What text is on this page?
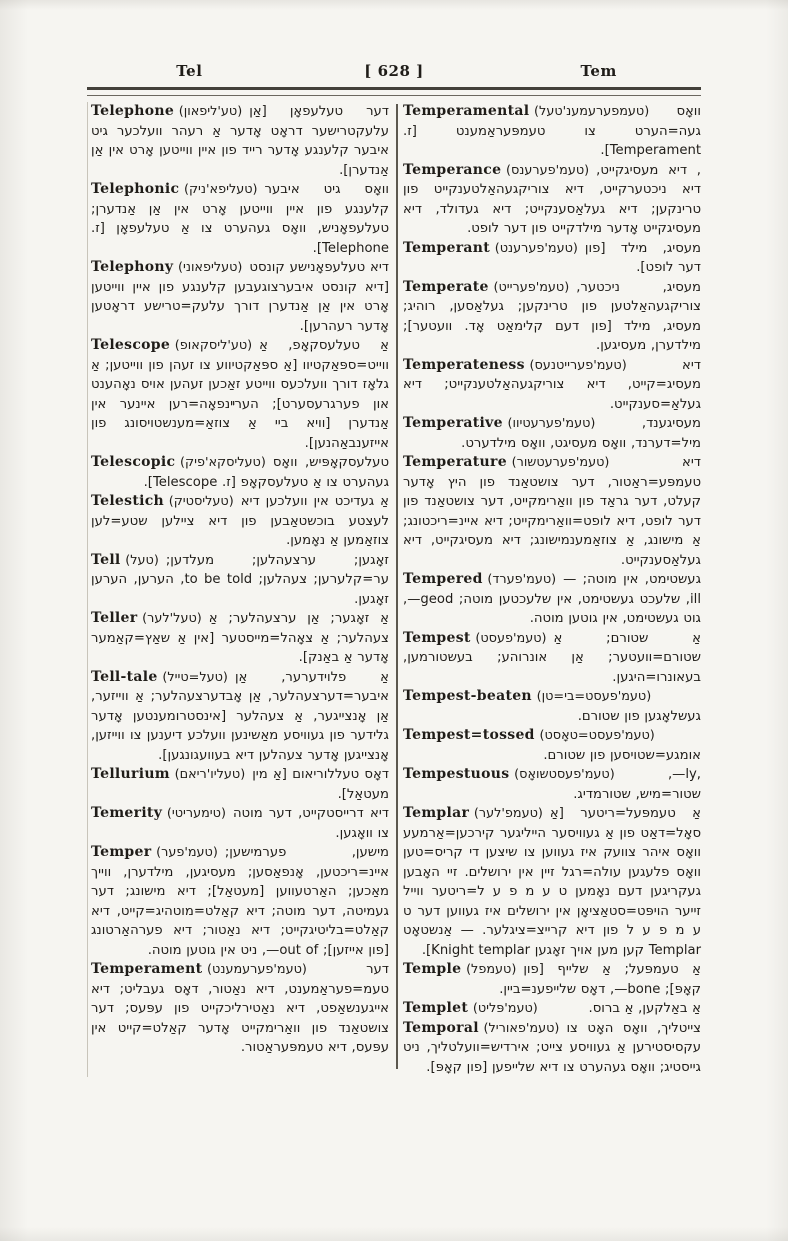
Tel	[ 628 ]	Tem

Telephone (טע'ליפאון) דער טעלעפאָן [אַן עלעקטרישער דראָט אָדער אַ רעהר וועלכער גיט איבער קלענגע אָדער רייד פון איין ווייטען אָרט אין אַן אַנדערן].

Telephonic (טעליפא'ניק) וואָס גיט איבער קלענגע פון איין ווייטען אָרט אין אַן אַנדערן; טעלעפאָניש, וואָס געהערט צו אַ טעלעפאָן [ז. Telephone].

Telephony (טעליפאוני) דיא טעלעפאָנישע קונסט [דיא קונסט איבערצוגעבען קלענגע פון איין ווייטען אָרט אין אַן אַנדערן דורך עלעק=טרישע דראָטען אָדער רעהרען].

Telescope (טע'ליסקאופ) אַ טעלעסקאָפ, אַ ווייט=ספּאַקטיוו [אַ ספּאַקטיווע צו זעהן פון ווייטען; אַ גלאָז דורך וועלכעס ווייטע זאַכען זעהען אויס נאָהענט און פערגרעסערט]; הערײנפאָה=רען איינער אין אַנדערן [וויא ביי אַ צוזאַ=מענשטויסונג פון אייזענבאַהנען].

Telescopic (טעליסקא'פיק) טעלעסקאָפּיש, וואָס געהערט צו אַ טעלעסקאָפ [ז. Telescope].

Telestich (טעליסטיק) אַ געדיכט אין וועלכען דיא לעצטע בוכשטאַבען פון דיא ציילען שטע=לען צוזאַמען אַ נאָמען.

Tell (טעל) זאָגען; ערצעהלען; מעלדען; ער=קלערען; צעהלען; to be told, הערען, הערען זאָגען.

Teller (טעל'לער) אַ זאָגער; אַן ערצעהלער; אַ צעהלער; אַ צאָהל=מייסטער [אין אַ שאַץ=קאַמער אָדער אַ באַנק].

Tell-tale (טעל=טייל) אַ פלוידערער, אַן איבער=דערצעהלער, אַן אָבדערצעהלער; אַ ווייזער, אַן אָנצייגער, אַ צעהלער [אינסטרומענטען אָדער גלידער פון געוויסע מאַשינען וועלכע דיענען צו ווייזען, אָנצייגען אָדער צעהלען דיא בעוועגונגען].

Tellurium (טעליו'ריאם) דאָס טעללוריאום [אַ מין מעטאַל].

Temerity (טימעריטי) דיא דרייסטקייט, דער מוטה צו וואָגען.

Temper (טעמ'פער) מישען, פערמישען; איינ=ריכטען, אָנפאַסען; מעסיגען, מילדערן, ווייך מאַכען; האַרטעווען [מעטאַל]; דיא מישונג; דער געמיטה, דער מוטה; דיא קאַלט=מוטהיג=קייט, דיא קאַלט=בליטיגקייט; דיא נאַטור; דיא פערהאַרטונג [פון אייזען]; ‎—out of, ניט אין גוטען מוטה.

Temperament (טעמ'פערעמענט)	דער טעמ=פעראַמענט, דיא נאַטור, דאָס געבליט; דיא אייגענשאַפט, דיא נאַטירליכקייט פון עפּעס; דער צושטאַנד פון וואַרימקייט אָדער קאַלט=קייט אין עפּעס, דיא טעמפּעראַטור.

Temperamental (טעמפערעמענ'טעל) וואָס געה=הערט צו טעמפּעראַמענט [ז. Temperament].

Temperance (טעמ'פערענס) , דיא מעסיגקייט, דיא ניכטערקייט, דיא צוריקגעהאַלטענקייט פון טרינקען; דיא געלאַסענקייט; דיא געדולד, דיא מעסיגקייט אָדער מילדקייט פון דער לופט.

Temperant (טעמ'פערענט) מעסיג, מילד [פון דער לופט].

Temperate (טעמ'פערייט) מעסיג, ניכטער, צוריקגעהאַלטען פון טרינקען; געלאַסען, רוהיג; מעסיג, מילד [פון דעם קלימאַט אָד. וועטער]; מילדערן, מעסיגען.

Temperateness (טעמ'פערייטנעס)	דיא מעסיג=קייט, דיא צוריקגעהאַלטענקייט; דיא געלאַ=סענקייט.

Temperative (טעמ'פערעטיוו)	מעסיגענד, מיל=דערנד, וואָס מעסיגט, וואָס מילדערט.

Temperature (טעמ'פערעטשור)	דיא טעמפּע=ראַטור, דער צושטאַנד פון היץ אָדער קעלט, דער גראַד פון וואַרימקייט, דער צושטאַנד פון דער לופט, דיא לופט=וואַרימקייט; דיא איינ=ריכטונג; אַ מישונג, אַ צוזאַמענמישונג; דיא מעסיגקייט, דיא געלאַסענקייט.

Tempered (טעמ'פערד) געשטימט, אין מוטה; ‎—ill, שלעכט געשטימט, אין שלעכטען מוטה; ‎—geod, גוט געשטימט, אין גוטען מוטה.

Tempest (טעמ'פעסט) אַ שטורם; אַ שטורם=וועטער; אַן אונרוהע; בעשטורמען, בעאונרו=היגען.

Tempest-beaten (טעמ'פעסט=בי=טן)
געשלאָגען פון שטורם.

Tempest=tossed (טעמ'פעסט=טאָסט)
אומגע=שטויסען פון שטורם.

Tempestuous (טעמ'פעסטשואָס)	,‎—ly, שטור=מיש, שטורמדיג.

Templar (טעמפ'לער) אַ טעמפּעל=ריטער [אַ סאָל=דאַט פון אַ געוויסער הייליגער קירכען=אַרמעע וואָס איהר צוועק איז געווען צו שיצען די קריס=טען וואָס פלעגען עולה=רגל זיין אין ירושלים. זיי האָבען געקריגען דעם נאָמען ט ע מ פ ע ל=ריטער ווייל זייער הויפּט=סטאַציאָן אין ירושלים איז געווען דער ט ע מ פ ע ל פון דיא קרייצ=ציגלער. — אַנשטאָט Templar קען מען אויך זאָגען Knight templar].

Temple (טעמפל) אַ טעמפּעל; אַ שלייף [פון קאָפּ]; ‎—bone, דאָס שלייפענ=ביין.

Templet (טעמ'פּליט)	אַ באַלקען, אַ ברוס.

Temporal (טעמ'פאוריל) צייטליך, וואָס האָט צו עקסיסטירען אַ געוויסע צייט; אירדיש=וועלטליך, ניט גייסטיג; וואָס געהערט צו דיא שלייפען [פון קאָפּ].
